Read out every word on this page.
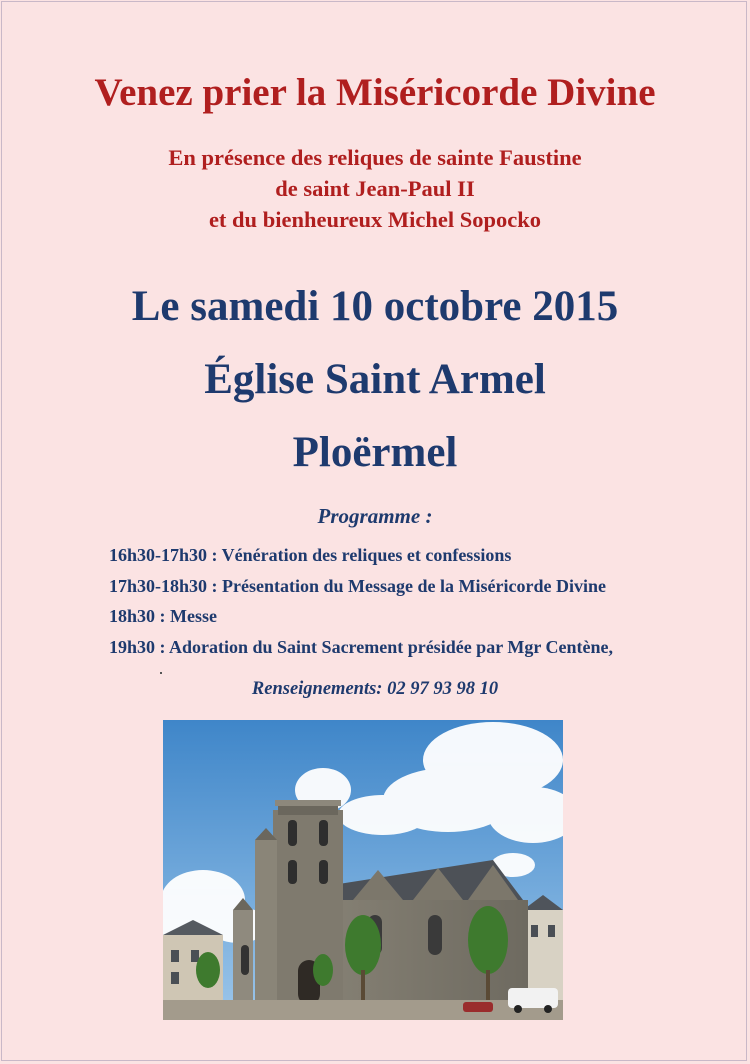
Venez prier la Miséricorde Divine
En présence des reliques de sainte Faustine
de saint Jean-Paul II
et du bienheureux Michel Sopocko
Le samedi 10 octobre 2015
Église Saint Armel
Ploërmel
Programme :
16h30-17h30 : Vénération des reliques et confessions
17h30-18h30 : Présentation du Message de la Miséricorde Divine
18h30 : Messe
19h30 : Adoration du Saint Sacrement présidée par Mgr Centène,
Renseignements: 02 97 93 98 10
